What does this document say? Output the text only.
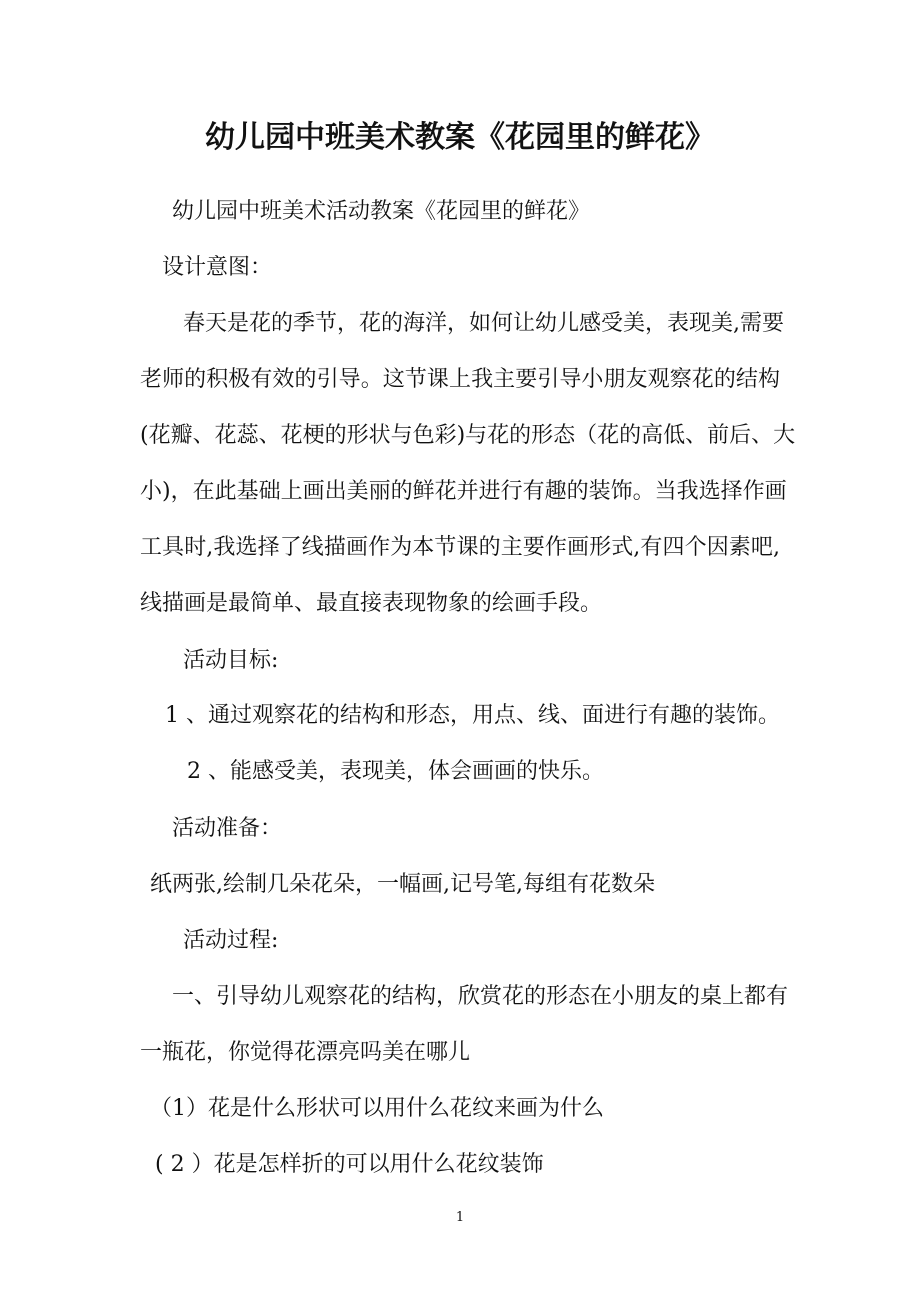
幼儿园中班美术教案《花园里的鲜花》
幼儿园中班美术活动教案《花园里的鲜花》
设计意图：
春天是花的季节，花的海洋，如何让幼儿感受美，表现美,需要
老师的积极有效的引导。这节课上我主要引导小朋友观察花的结构
(花瓣、花蕊、花梗的形状与色彩)与花的形态（花的高低、前后、大
小)，在此基础上画出美丽的鲜花并进行有趣的装饰。当我选择作画
工具时,我选择了线描画作为本节课的主要作画形式,有四个因素吧,
线描画是最简单、最直接表现物象的绘画手段。
活动目标:
1 、通过观察花的结构和形态，用点、线、面进行有趣的装饰。
2 、能感受美，表现美，体会画画的快乐。
活动准备：
纸两张,绘制几朵花朵，一幅画,记号笔,每组有花数朵
活动过程:
一、引导幼儿观察花的结构，欣赏花的形态在小朋友的桌上都有
一瓶花，你觉得花漂亮吗美在哪儿
（1）花是什么形状可以用什么花纹来画为什么
( 2 ）花是怎样折的可以用什么花纹装饰
1
